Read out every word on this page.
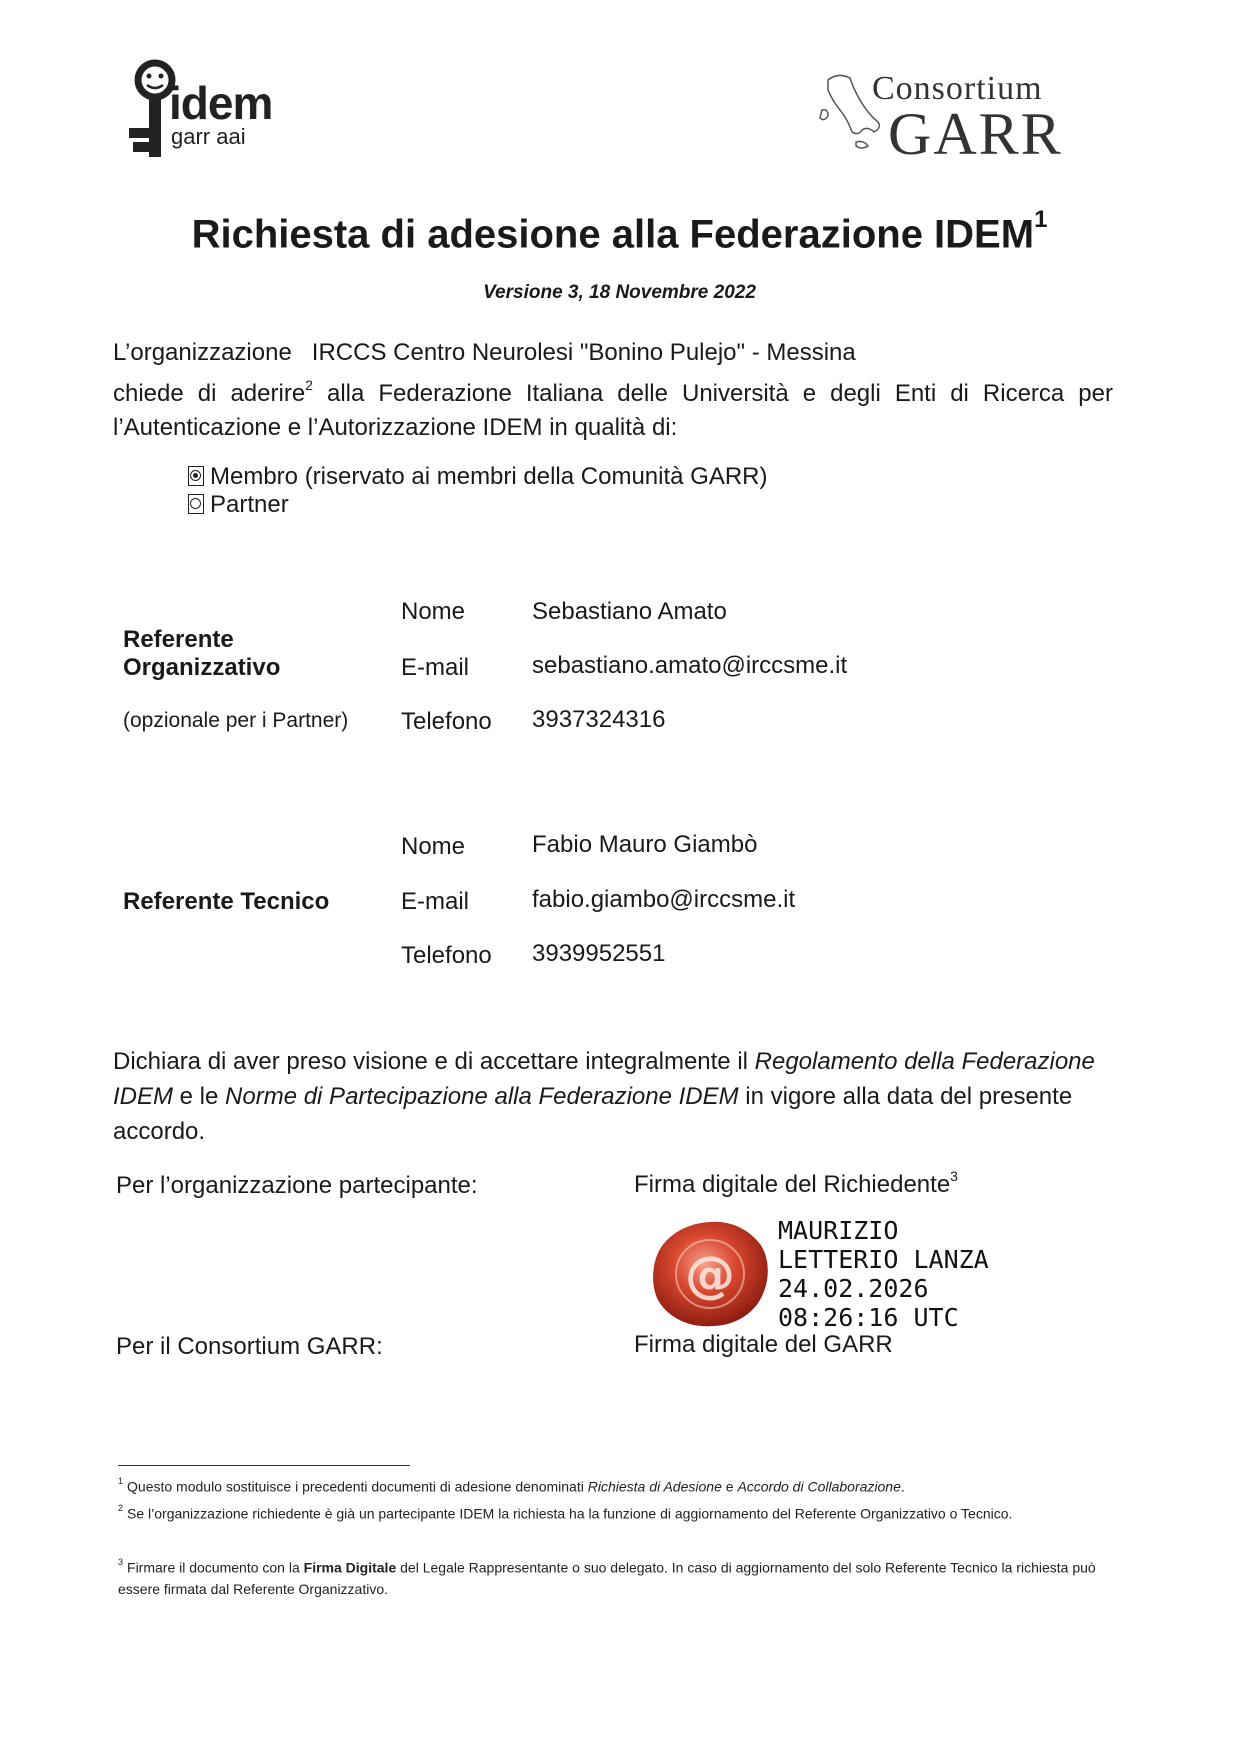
idem
garr aai
Consortium
GARR
Richiesta di adesione alla Federazione IDEM$^1$
Versione 3, 18 Novembre 2022
L’organizzazione IRCCS Centro Neurolesi "Bonino Pulejo" - Messina
chiede di aderire$^2$ alla Federazione Italiana delle Università e degli Enti di Ricerca per
l’Autenticazione e l’Autorizzazione IDEM in qualità di:
Membro (riservato ai membri della Comunità GARR)
Partner
Referente
Organizzativo
(opzionale per i Partner)
Nome	Sebastiano Amato
E-mail	sebastiano.amato@irccsme.it
Telefono 3937324316
Referente Tecnico
Nome	Fabio Mauro Giambò
E-mail	fabio.giambo@irccsme.it
Telefono 3939952551
Dichiara di aver preso visione e di accettare integralmente il Regolamento della Federazione IDEM e le Norme di Partecipazione alla Federazione IDEM in vigore alla data del presente accordo.
Per l’organizzazione partecipante:	Firma digitale del Richiedente$^3$
@
MAURIZIO
LETTERIO LANZA
24.02.2026
08:26:16 UTC
Per il Consortium GARR:	Firma digitale del GARR
$^1$ Questo modulo sostituisce i precedenti documenti di adesione denominati Richiesta di Adesione e Accordo di Collaborazione.
$^2$ Se l’organizzazione richiedente è già un partecipante IDEM la richiesta ha la funzione di aggiornamento del Referente Organizzativo o Tecnico.
$^3$ Firmare il documento con la Firma Digitale del Legale Rappresentante o suo delegato. In caso di aggiornamento del solo Referente Tecnico la richiesta può essere firmata dal Referente Organizzativo.
